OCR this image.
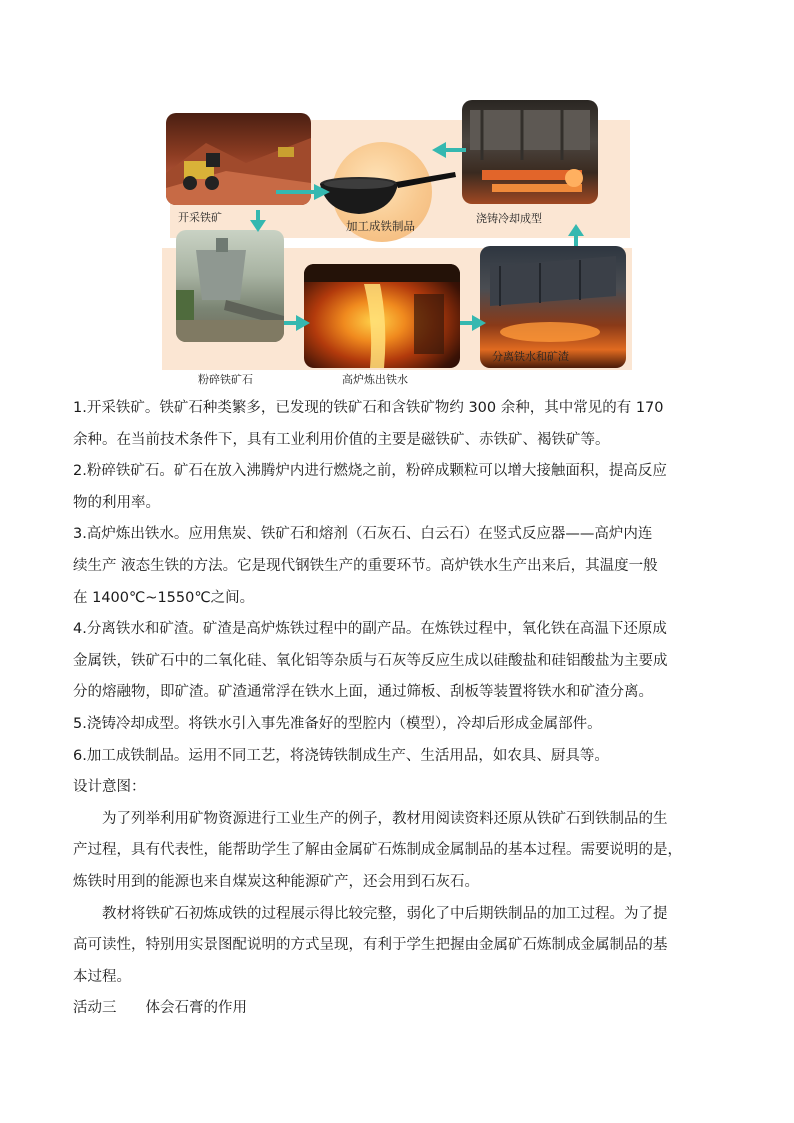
开采铁矿
加工成铁制品
浇铸冷却成型
粉碎铁矿石	高炉炼出铁水
分离铁水和矿渣
1.开采铁矿。铁矿石种类繁多，已发现的铁矿石和含铁矿物约 300 余种，其中常见的有 170
余种。在当前技术条件下，具有工业利用价值的主要是磁铁矿、赤铁矿、褐铁矿等。
2.粉碎铁矿石。矿石在放入沸腾炉内进行燃烧之前，粉碎成颗粒可以增大接触面积，提高反应
物的利用率。
3.高炉炼出铁水。应用焦炭、铁矿石和熔剂（石灰石、白云石）在竖式反应器——高炉内连
续生产 液态生铁的方法。它是现代钢铁生产的重要环节。高炉铁水生产出来后，其温度一般
在 1400℃~1550℃之间。
4.分离铁水和矿渣。矿渣是高炉炼铁过程中的副产品。在炼铁过程中，氧化铁在高温下还原成
金属铁，铁矿石中的二氧化硅、氧化铝等杂质与石灰等反应生成以硅酸盐和硅铝酸盐为主要成
分的熔融物，即矿渣。矿渣通常浮在铁水上面，通过筛板、刮板等装置将铁水和矿渣分离。
5.浇铸冷却成型。将铁水引入事先准备好的型腔内（模型），冷却后形成金属部件。
6.加工成铁制品。运用不同工艺，将浇铸铁制成生产、生活用品，如农具、厨具等。
设计意图：
为了列举利用矿物资源进行工业生产的例子，教材用阅读资料还原从铁矿石到铁制品的生
产过程，具有代表性，能帮助学生了解由金属矿石炼制成金属制品的基本过程。需要说明的是，
炼铁时用到的能源也来自煤炭这种能源矿产，还会用到石灰石。
教材将铁矿石初炼成铁的过程展示得比较完整，弱化了中后期铁制品的加工过程。为了提
高可读性，特别用实景图配说明的方式呈现，有利于学生把握由金属矿石炼制成金属制品的基
本过程。
活动三　　体会石膏的作用
